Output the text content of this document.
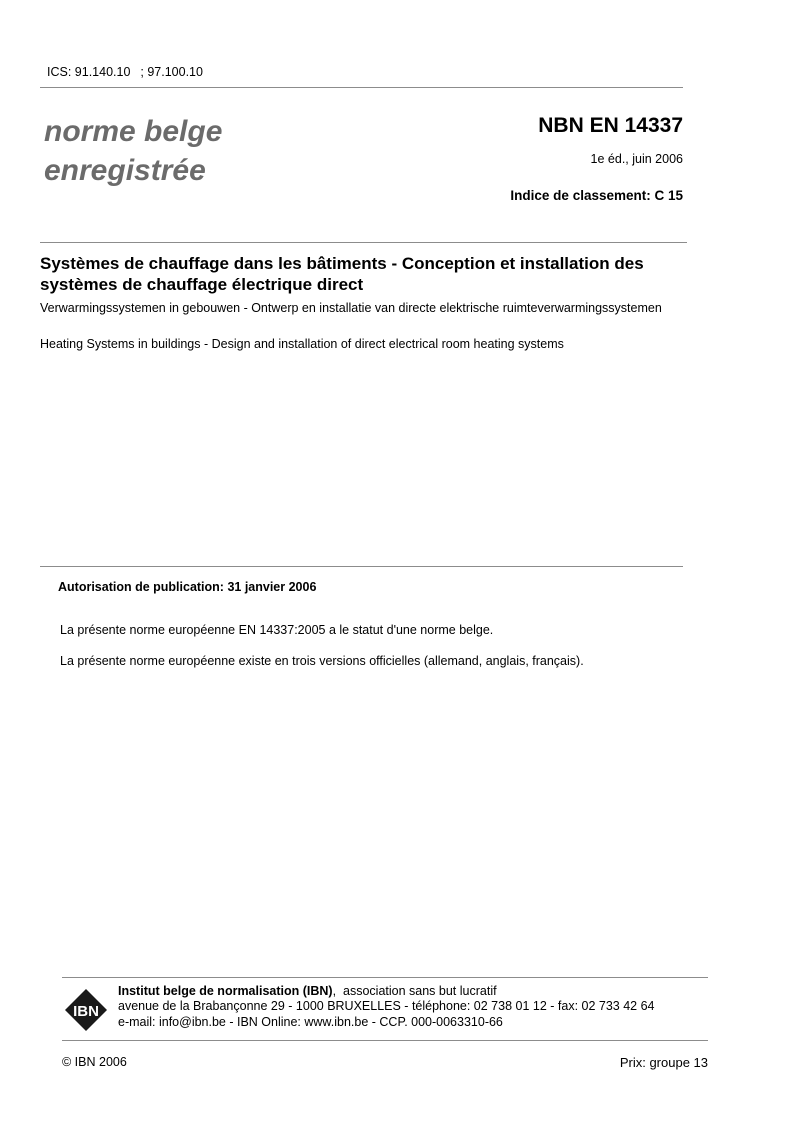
ICS: 91.140.10 ; 97.100.10
norme belge
enregistrée
NBN EN 14337
1e éd., juin 2006
Indice de classement: C 15
Systèmes de chauffage dans les bâtiments - Conception et installation des systèmes de chauffage électrique direct
Verwarmingssystemen in gebouwen - Ontwerp en installatie van directe elektrische ruimteverwarmingssystemen
Heating Systems in buildings - Design and installation of direct electrical room heating systems
Autorisation de publication: 31 janvier 2006
La présente norme européenne EN 14337:2005 a le statut d'une norme belge.
La présente norme européenne existe en trois versions officielles (allemand, anglais, français).
IBN
Institut belge de normalisation (IBN),  association sans but lucratif
avenue de la Brabançonne 29 - 1000 BRUXELLES - téléphone: 02 738 01 12 - fax: 02 733 42 64
e-mail: info@ibn.be - IBN Online: www.ibn.be - CCP. 000-0063310-66
© IBN 2006	Prix: groupe 13
